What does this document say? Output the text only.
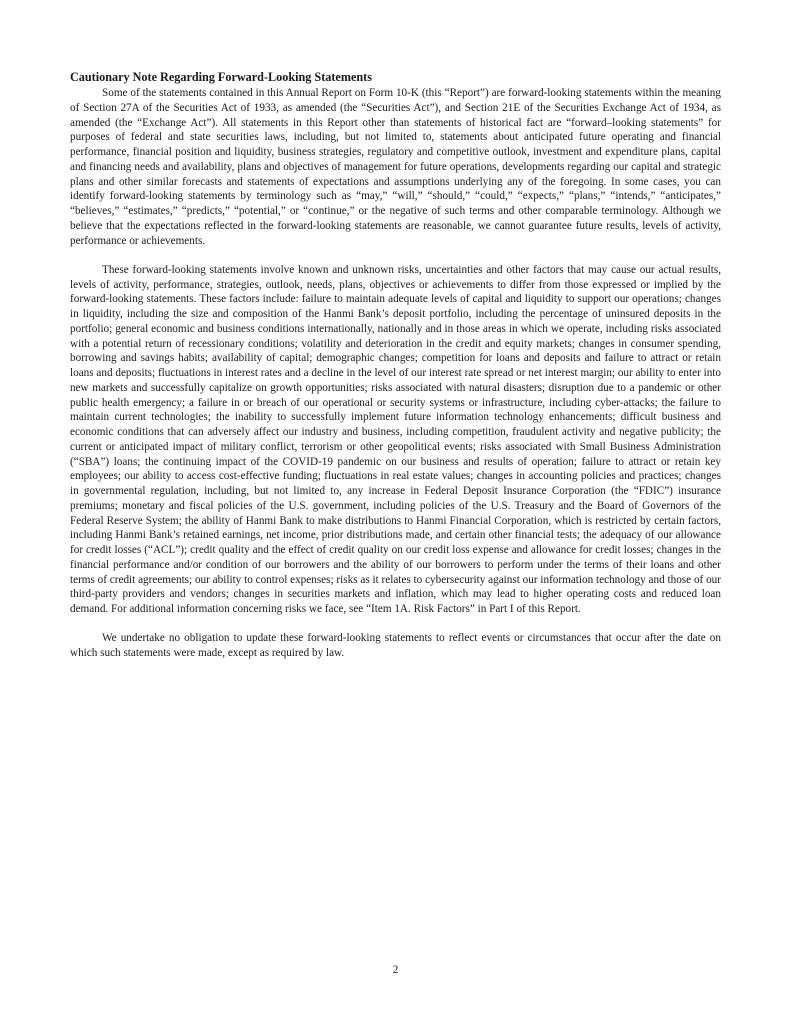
Cautionary Note Regarding Forward-Looking Statements

Some of the statements contained in this Annual Report on Form 10-K (this “Report”) are forward-looking statements within the meaning of Section 27A of the Securities Act of 1933, as amended (the “Securities Act”), and Section 21E of the Securities Exchange Act of 1934, as amended (the “Exchange Act”). All statements in this Report other than statements of historical fact are “forward–looking statements” for purposes of federal and state securities laws, including, but not limited to, statements about anticipated future operating and financial performance, financial position and liquidity, business strategies, regulatory and competitive outlook, investment and expenditure plans, capital and financing needs and availability, plans and objectives of management for future operations, developments regarding our capital and strategic plans and other similar forecasts and statements of expectations and assumptions underlying any of the foregoing. In some cases, you can identify forward-looking statements by terminology such as “may,” “will,” “should,” “could,” “expects,” “plans,” “intends,” “anticipates,” “believes,” “estimates,” “predicts,” “potential,” or “continue,” or the negative of such terms and other comparable terminology. Although we believe that the expectations reflected in the forward-looking statements are reasonable, we cannot guarantee future results, levels of activity, performance or achievements.

These forward-looking statements involve known and unknown risks, uncertainties and other factors that may cause our actual results, levels of activity, performance, strategies, outlook, needs, plans, objectives or achievements to differ from those expressed or implied by the forward-looking statements. These factors include: failure to maintain adequate levels of capital and liquidity to support our operations; changes in liquidity, including the size and composition of the Hanmi Bank’s deposit portfolio, including the percentage of uninsured deposits in the portfolio; general economic and business conditions internationally, nationally and in those areas in which we operate, including risks associated with a potential return of recessionary conditions; volatility and deterioration in the credit and equity markets; changes in consumer spending, borrowing and savings habits; availability of capital; demographic changes; competition for loans and deposits and failure to attract or retain loans and deposits; fluctuations in interest rates and a decline in the level of our interest rate spread or net interest margin; our ability to enter into new markets and successfully capitalize on growth opportunities; risks associated with natural disasters; disruption due to a pandemic or other public health emergency; a failure in or breach of our operational or security systems or infrastructure, including cyber-attacks; the failure to maintain current technologies; the inability to successfully implement future information technology enhancements; difficult business and economic conditions that can adversely affect our industry and business, including competition, fraudulent activity and negative publicity; the current or anticipated impact of military conflict, terrorism or other geopolitical events; risks associated with Small Business Administration (“SBA”) loans; the continuing impact of the COVID-19 pandemic on our business and results of operation; failure to attract or retain key employees; our ability to access cost-effective funding; fluctuations in real estate values; changes in accounting policies and practices; changes in governmental regulation, including, but not limited to, any increase in Federal Deposit Insurance Corporation (the “FDIC”) insurance premiums; monetary and fiscal policies of the U.S. government, including policies of the U.S. Treasury and the Board of Governors of the Federal Reserve System; the ability of Hanmi Bank to make distributions to Hanmi Financial Corporation, which is restricted by certain factors, including Hanmi Bank’s retained earnings, net income, prior distributions made, and certain other financial tests; the adequacy of our allowance for credit losses (“ACL”); credit quality and the effect of credit quality on our credit loss expense and allowance for credit losses; changes in the financial performance and/or condition of our borrowers and the ability of our borrowers to perform under the terms of their loans and other terms of credit agreements; our ability to control expenses; risks as it relates to cybersecurity against our information technology and those of our third-party providers and vendors; changes in securities markets and inflation, which may lead to higher operating costs and reduced loan demand. For additional information concerning risks we face, see “Item 1A. Risk Factors” in Part I of this Report.

We undertake no obligation to update these forward-looking statements to reflect events or circumstances that occur after the date on which such statements were made, except as required by law.

2
